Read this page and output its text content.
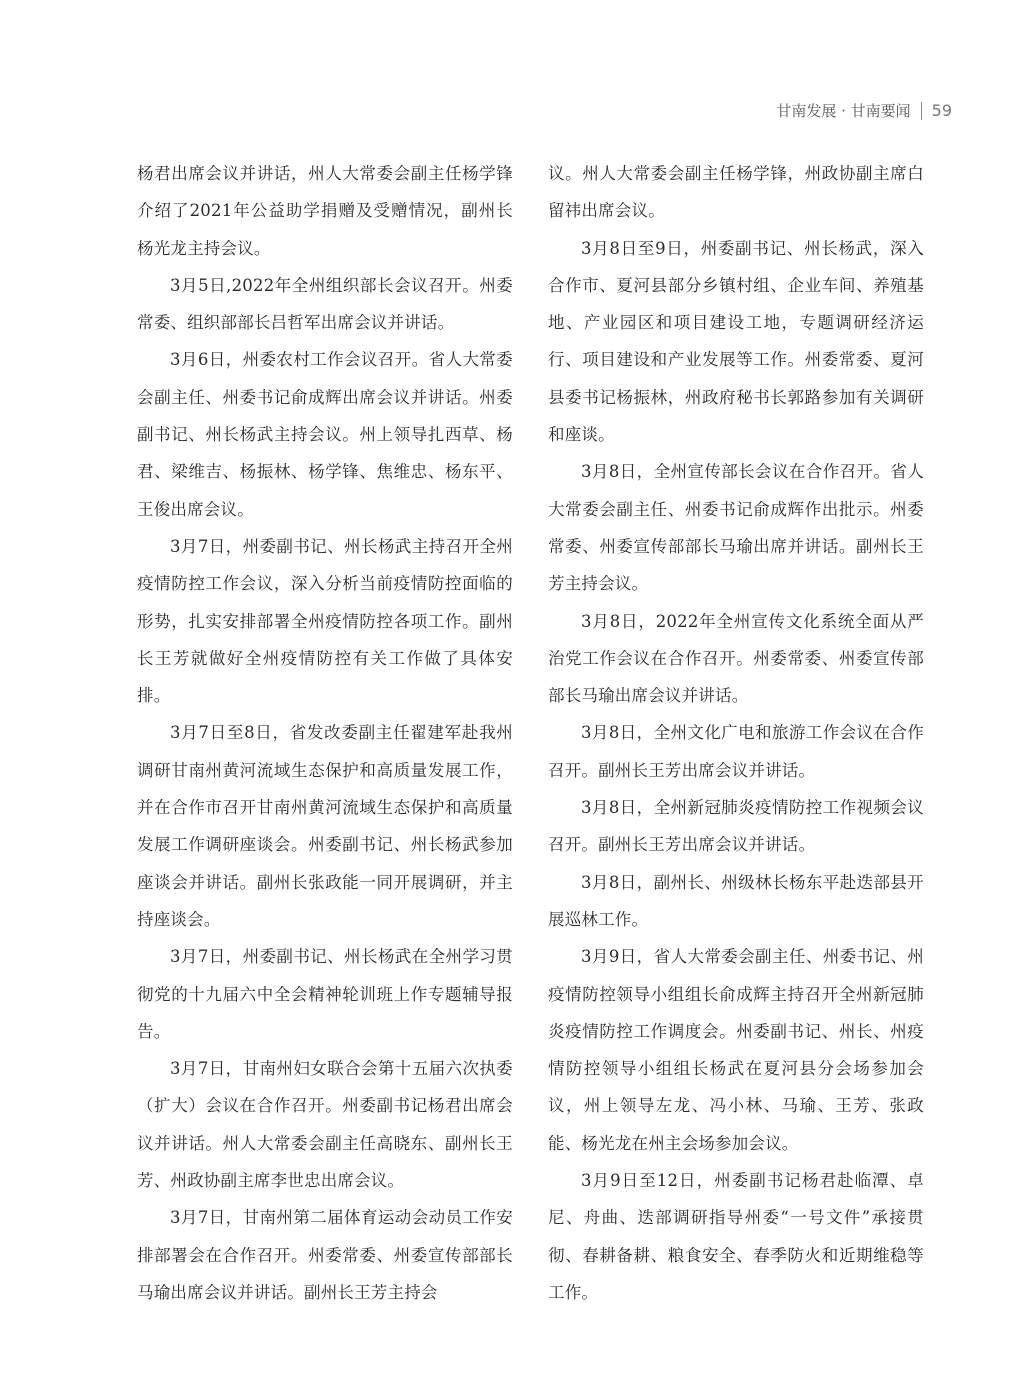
甘南发展 · 甘南要闻 59

杨君出席会议并讲话，州人大常委会副主任杨学锋介绍了2021年公益助学捐赠及受赠情况，副州长杨光龙主持会议。

3月5日,2022年全州组织部长会议召开。州委常委、组织部部长吕哲军出席会议并讲话。

3月6日，州委农村工作会议召开。省人大常委会副主任、州委书记俞成辉出席会议并讲话。州委副书记、州长杨武主持会议。州上领导扎西草、杨君、梁维吉、杨振林、杨学锋、焦维忠、杨东平、王俊出席会议。

3月7日，州委副书记、州长杨武主持召开全州疫情防控工作会议，深入分析当前疫情防控面临的形势，扎实安排部署全州疫情防控各项工作。副州长王芳就做好全州疫情防控有关工作做了具体安排。

3月7日至8日，省发改委副主任翟建军赴我州调研甘南州黄河流域生态保护和高质量发展工作，并在合作市召开甘南州黄河流域生态保护和高质量发展工作调研座谈会。州委副书记、州长杨武参加座谈会并讲话。副州长张政能一同开展调研，并主持座谈会。

3月7日，州委副书记、州长杨武在全州学习贯彻党的十九届六中全会精神轮训班上作专题辅导报告。

3月7日，甘南州妇女联合会第十五届六次执委（扩大）会议在合作召开。州委副书记杨君出席会议并讲话。州人大常委会副主任高晓东、副州长王芳、州政协副主席李世忠出席会议。

3月7日，甘南州第二届体育运动会动员工作安排部署会在合作召开。州委常委、州委宣传部部长马瑜出席会议并讲话。副州长王芳主持会

议。州人大常委会副主任杨学锋，州政协副主席白留祎出席会议。

3月8日至9日，州委副书记、州长杨武，深入合作市、夏河县部分乡镇村组、企业车间、养殖基地、产业园区和项目建设工地，专题调研经济运行、项目建设和产业发展等工作。州委常委、夏河县委书记杨振林，州政府秘书长郭路参加有关调研和座谈。

3月8日，全州宣传部长会议在合作召开。省人大常委会副主任、州委书记俞成辉作出批示。州委常委、州委宣传部部长马瑜出席并讲话。副州长王芳主持会议。

3月8日，2022年全州宣传文化系统全面从严治党工作会议在合作召开。州委常委、州委宣传部部长马瑜出席会议并讲话。

3月8日，全州文化广电和旅游工作会议在合作召开。副州长王芳出席会议并讲话。

3月8日，全州新冠肺炎疫情防控工作视频会议召开。副州长王芳出席会议并讲话。

3月8日，副州长、州级林长杨东平赴迭部县开展巡林工作。

3月9日，省人大常委会副主任、州委书记、州疫情防控领导小组组长俞成辉主持召开全州新冠肺炎疫情防控工作调度会。州委副书记、州长、州疫情防控领导小组组长杨武在夏河县分会场参加会议，州上领导左龙、冯小林、马瑜、王芳、张政能、杨光龙在州主会场参加会议。

3月9日至12日，州委副书记杨君赴临潭、卓尼、舟曲、迭部调研指导州委“一号文件”承接贯彻、春耕备耕、粮食安全、春季防火和近期维稳等工作。
